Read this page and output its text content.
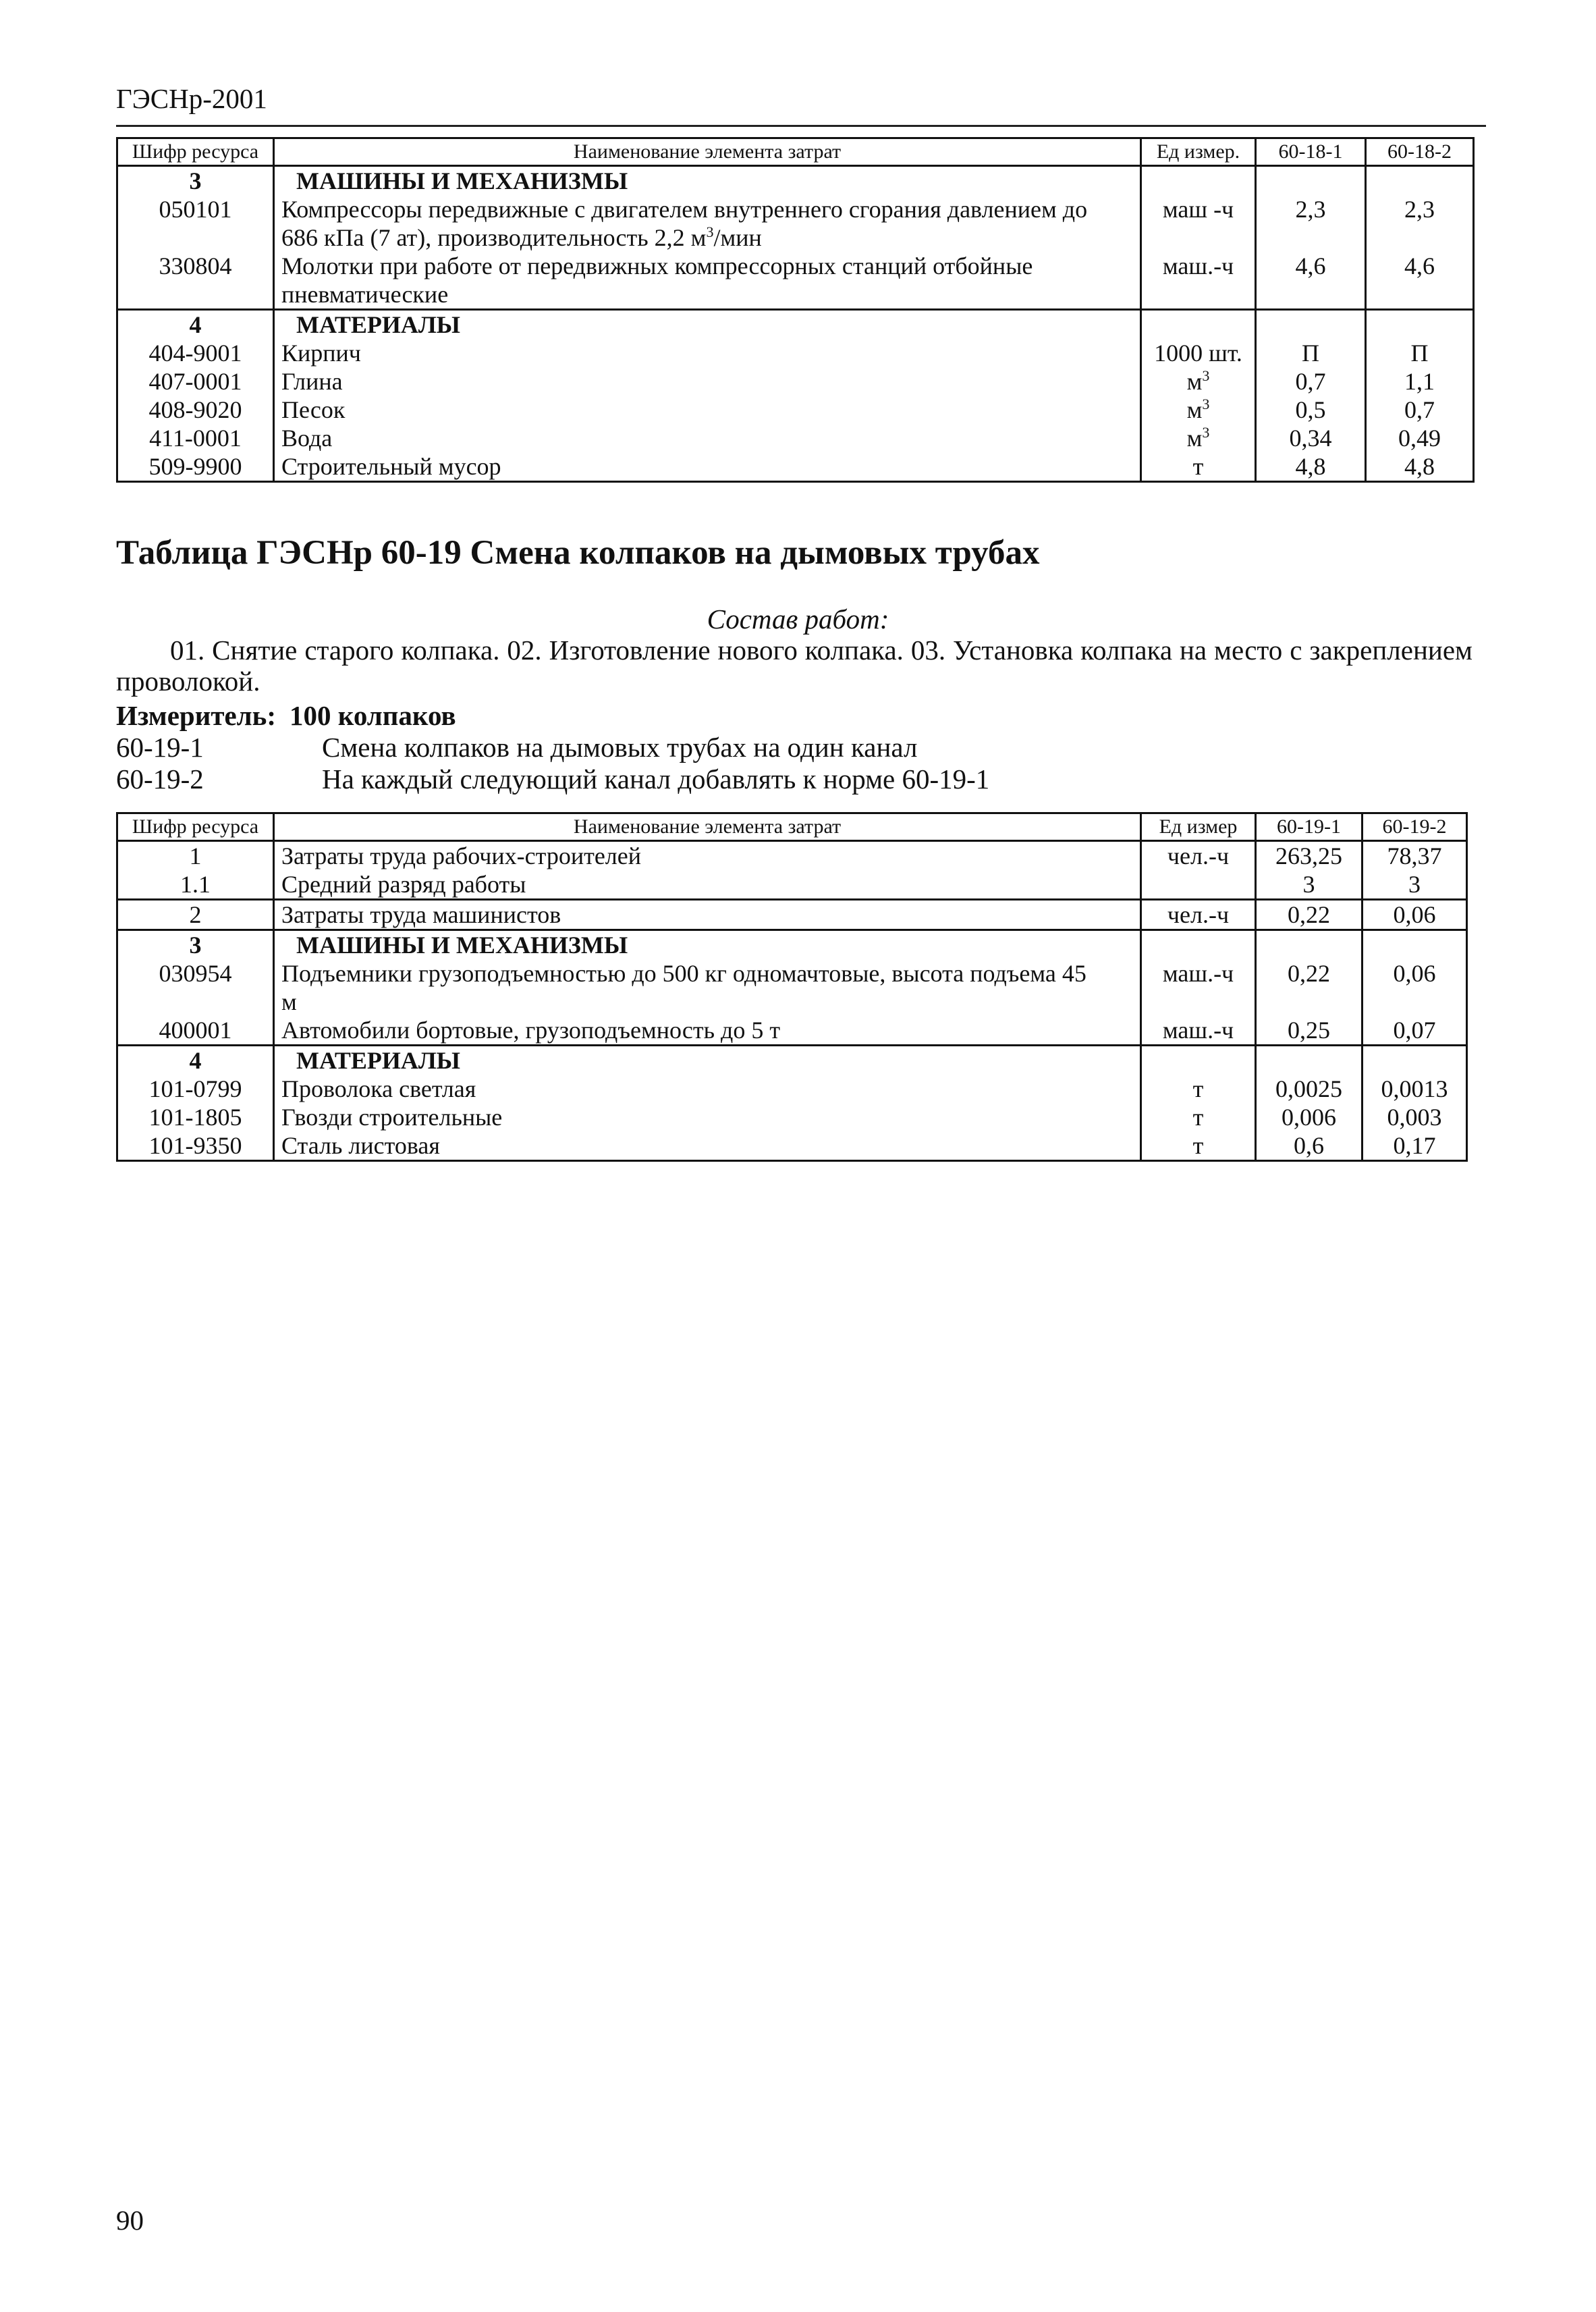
ГЭСНр-2001
Шифр ресурса	Наименование элемента затрат	Ед измер.	60-18-1	60-18-2
3	МАШИНЫ И МЕХАНИЗМЫ			
050101	Компрессоры передвижные с двигателем внутреннего сгорания давлением до
686 кПа (7 ат), производительность 2,2 $м^3$/мин	маш -ч	2,3	2,3
330804	Молотки при работе от передвижных компрессорных станций отбойные
пневматические	маш.-ч	4,6	4,6
4	МАТЕРИАЛЫ			
404-9001	Кирпич	1000 шт.	П	П
407-0001	Глина	$м^3$	0,7	1,1
408-9020	Песок	$м^3$	0,5	0,7
411-0001	Вода	$м^3$	0,34	0,49
509-9900	Строительный мусор	т	4,8	4,8
Таблица ГЭСНр 60-19 Смена колпаков на дымовых трубах
Состав работ:
01. Снятие старого колпака. 02. Изготовление нового колпака. 03. Установка колпака на место с закреплением проволокой.
Измеритель: 100 колпаков
60-19-1	Смена колпаков на дымовых трубах на один канал
60-19-2	На каждый следующий канал добавлять к норме 60-19-1
Шифр ресурса	Наименование элемента затрат	Ед измер	60-19-1	60-19-2
1	Затраты труда рабочих-строителей	чел.-ч	263,25	78,37
1.1	Средний разряд работы		3	3
2	Затраты труда машинистов	чел.-ч	0,22	0,06
3	МАШИНЫ И МЕХАНИЗМЫ			
030954	Подъемники грузоподъемностью до 500 кг одномачтовые, высота подъема 45
м	маш.-ч	0,22	0,06
400001	Автомобили бортовые, грузоподъемность до 5 т	маш.-ч	0,25	0,07
4	МАТЕРИАЛЫ			
101-0799	Проволока светлая	т	0,0025	0,0013
101-1805	Гвозди строительные	т	0,006	0,003
101-9350	Сталь листовая	т	0,6	0,17
90
